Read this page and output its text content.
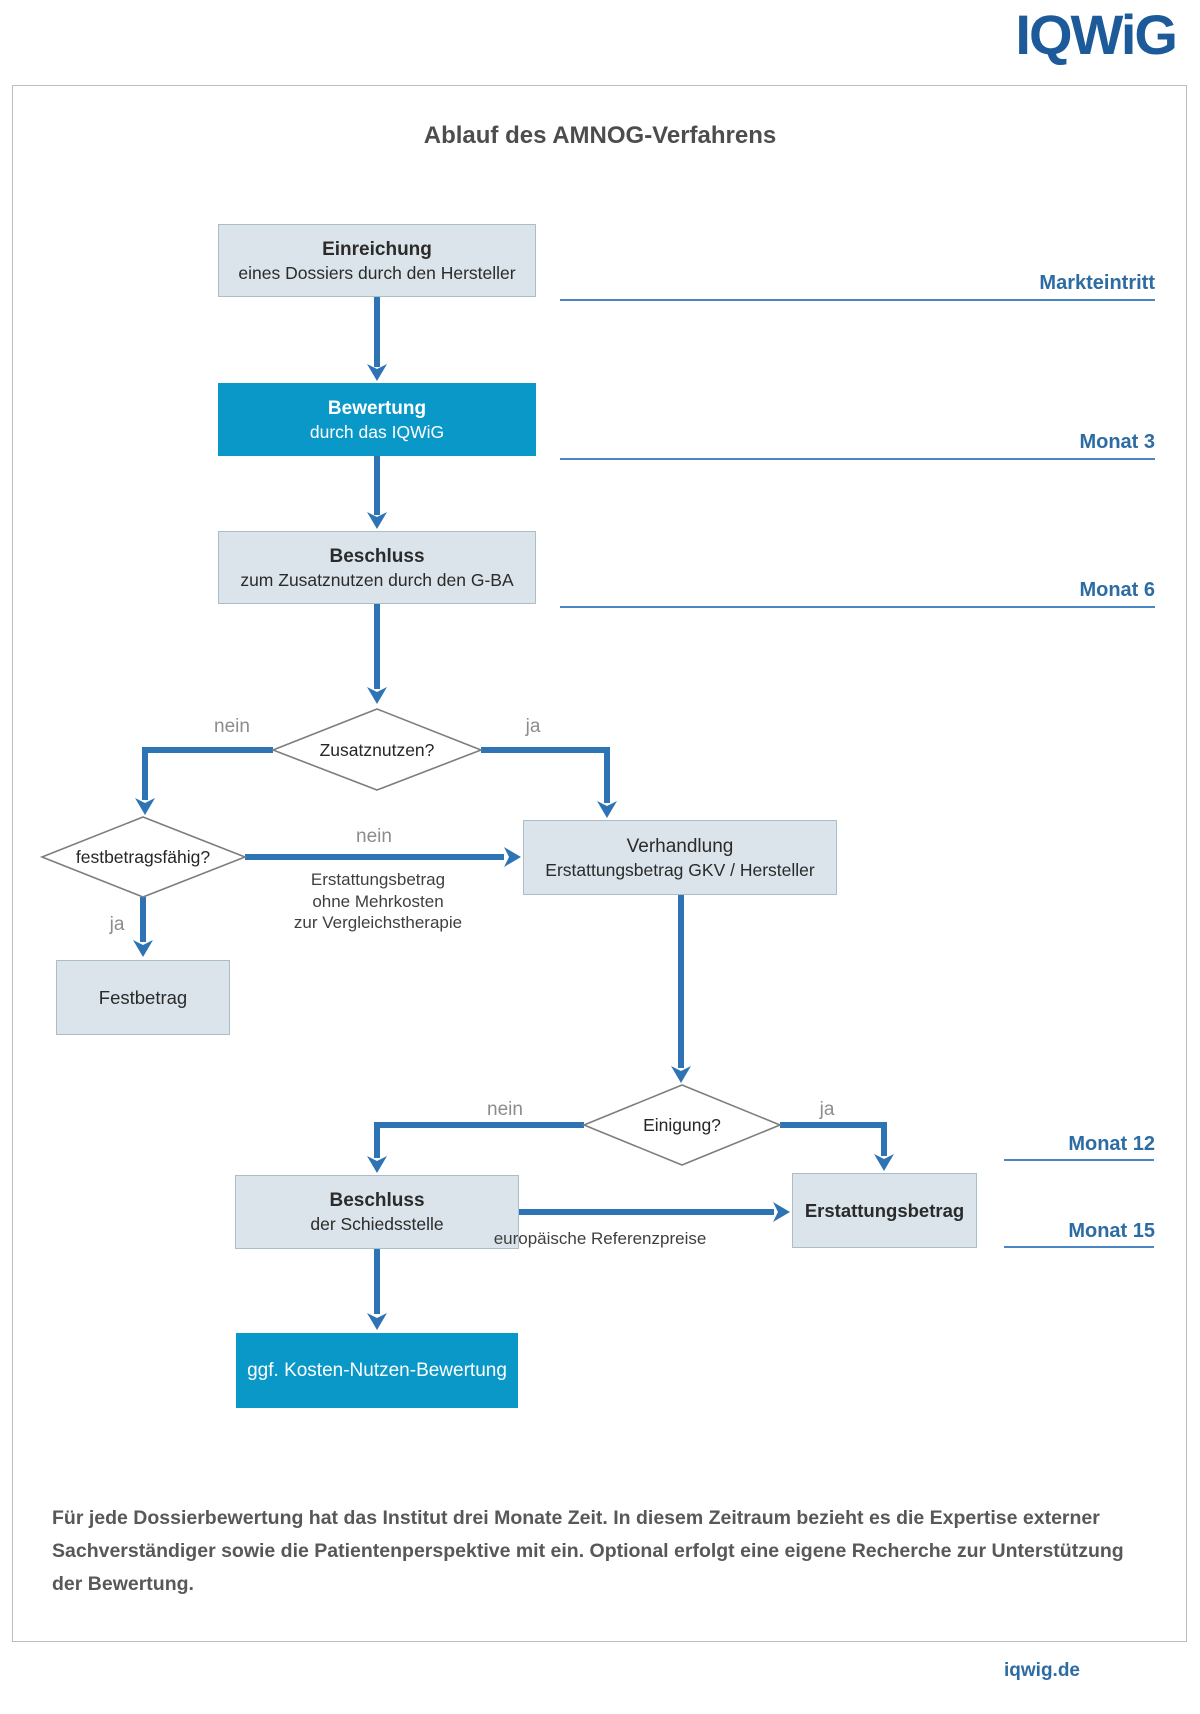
IQWiG
Ablauf des AMNOG-Verfahrens
Einreichung
eines Dossiers durch den Hersteller
Bewertung
durch das IQWiG
Beschluss
zum Zusatznutzen durch den G-BA
Verhandlung
Erstattungsbetrag GKV / Hersteller
Festbetrag
Beschluss
der Schiedsstelle
Erstattungsbetrag
ggf. Kosten-Nutzen-Bewertung
Zusatznutzen?
festbetragsfähig?
Einigung?
nein	ja
nein
ja
nein	ja
Erstattungsbetrag
ohne Mehrkosten
zur Vergleichstherapie
europäische Referenzpreise
Markteintritt
Monat 3
Monat 6
Monat 12
Monat 15
Für jede Dossierbewertung hat das Institut drei Monate Zeit. In diesem Zeitraum bezieht es die Expertise externer
Sachverständiger sowie die Patientenperspektive mit ein. Optional erfolgt eine eigene Recherche zur Unterstützung
der Bewertung.
iqwig.de
